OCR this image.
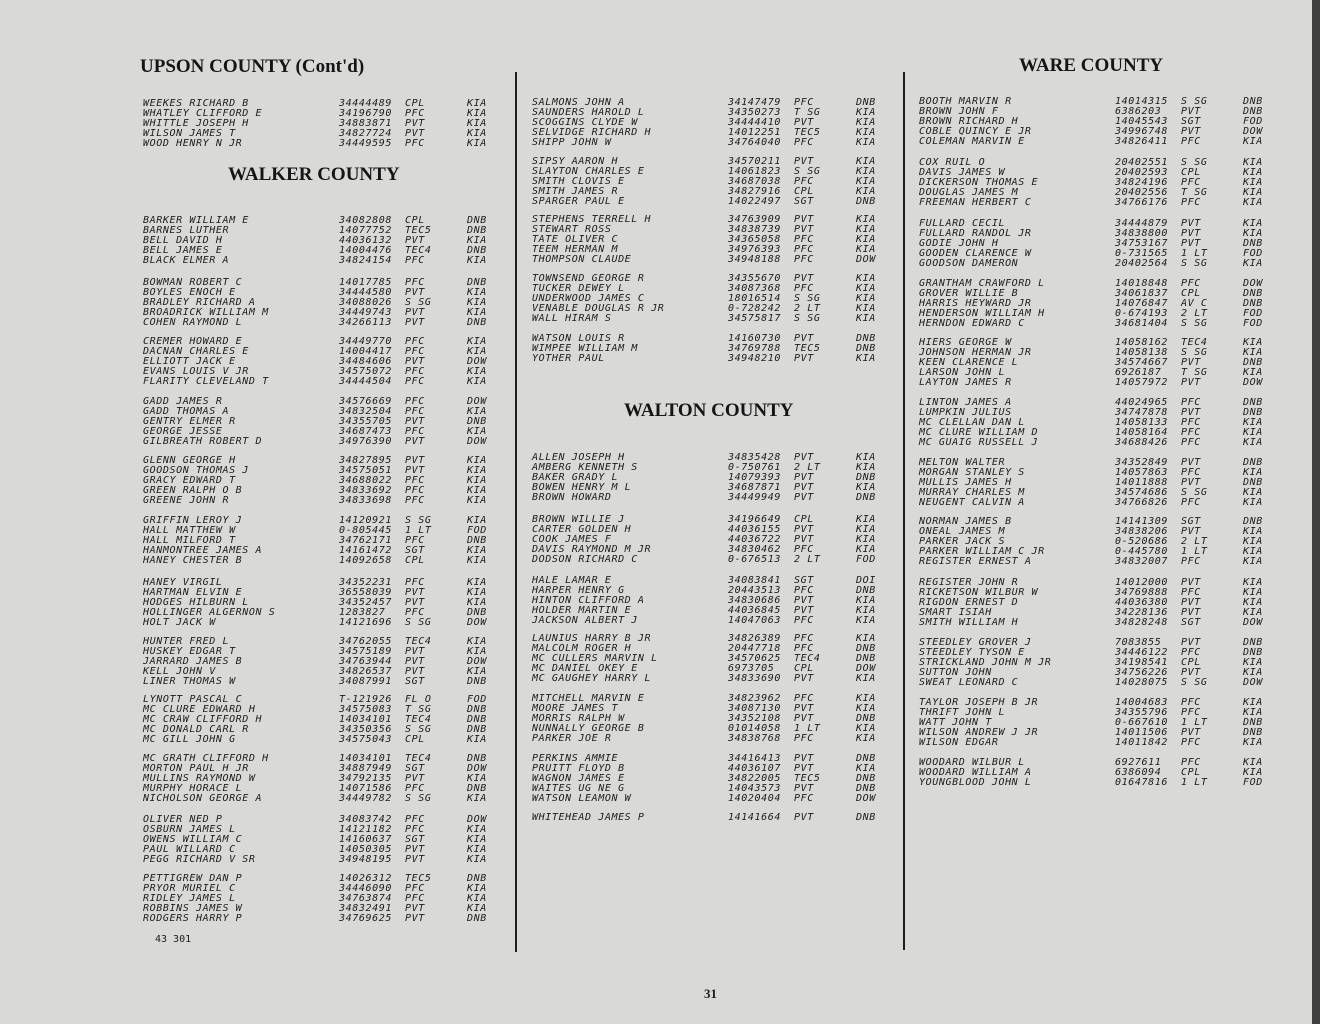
UPSON COUNTY (Cont'd)
WEEKES RICHARD B	34444489 CPL	KIA
WHATLEY CLIFFORD E	34196790 PFC	KIA
WHITTLE JOSEPH H	34883871 PVT	KIA
WILSON JAMES T	34827724 PVT	KIA
WOOD HENRY N JR	34449595 PFC	KIA
WALKER COUNTY
BARKER WILLIAM E	34082808 CPL	DNB
BARNES LUTHER	14077752 TEC5	DNB
BELL DAVID H	44036132 PVT	KIA
BELL JAMES E	14004476 TEC4	DNB
BLACK ELMER A	34824154 PFC	KIA
BOWMAN ROBERT C	14017785 PFC	DNB
BOYLES ENOCH E	34444580 PVT	KIA
BRADLEY RICHARD A	34088026 S SG	KIA
BROADRICK WILLIAM M	34449743 PVT	KIA
COHEN RAYMOND L	34266113 PVT	DNB
CREMER HOWARD E	34449770 PFC	KIA
DACNAN CHARLES E	14004417 PFC	KIA
ELLIOTT JACK E	34484606 PVT	DOW
EVANS LOUIS V JR	34575072 PFC	KIA
FLARITY CLEVELAND T	34444504 PFC	KIA
GADD JAMES R	34576669 PFC	DOW
GADD THOMAS A	34832504 PFC	KIA
GENTRY ELMER R	34355705 PVT	DNB
GEORGE JESSE	34687473 PFC	KIA
GILBREATH ROBERT D	34976390 PVT	DOW
GLENN GEORGE H	34827895 PVT	KIA
GOODSON THOMAS J	34575051 PVT	KIA
GRACY EDWARD T	34688022 PFC	KIA
GREEN RALPH O B	34833692 PFC	KIA
GREENE JOHN R	34833698 PFC	KIA
GRIFFIN LEROY J	14120921 S SG	KIA
HALL MATTHEW W	0-805445 1 LT	FOD
HALL MILFORD T	34762171 PFC	DNB
HANMONTREE JAMES A	14161472 SGT	KIA
HANEY CHESTER B	14092658 CPL	KIA
HANEY VIRGIL	34352231 PFC	KIA
HARTMAN ELVIN E	36558039 PVT	KIA
HODGES HILBURN L	34352457 PVT	KIA
HOLLINGER ALGERNON S	1283827 PFC	DNB
HOLT JACK W	14121696 S SG	DOW
HUNTER FRED L	34762055 TEC4	KIA
HUSKEY EDGAR T	34575189 PVT	KIA
JARRARD JAMES B	34763944 PVT	DOW
KELL JOHN V	34826537 PVT	KIA
LINER THOMAS W	34087991 SGT	DNB
LYNOTT PASCAL C	T-121926 FL O	FOD
MC CLURE EDWARD H	34575083 T SG	DNB
MC CRAW CLIFFORD H	14034101 TEC4	DNB
MC DONALD CARL R	34350356 S SG	DNB
MC GILL JOHN G	34575043 CPL	KIA
MC GRATH CLIFFORD H	14034101 TEC4	DNB
MORTON PAUL H JR	34887949 SGT	DOW
MULLINS RAYMOND W	34792135 PVT	KIA
MURPHY HORACE L	14071586 PFC	DNB
NICHOLSON GEORGE A	34449782 S SG	KIA
OLIVER NED P	34083742 PFC	DOW
OSBURN JAMES L	14121182 PFC	KIA
OWENS WILLIAM C	14160637 SGT	KIA
PAUL WILLARD C	14050305 PVT	KIA
PEGG RICHARD V SR	34948195 PVT	KIA
PETTIGREW DAN P	14026312 TEC5	DNB
PRYOR MURIEL C	34446090 PFC	KIA
RIDLEY JAMES L	34763874 PFC	KIA
ROBBINS JAMES W	34832491 PVT	KIA
RODGERS HARRY P	34769625 PVT	DNB
SALMONS JOHN A	34147479 PFC	DNB
SAUNDERS HAROLD L	34350273 T SG	KIA
SCOGGINS CLYDE W	34444410 PVT	KIA
SELVIDGE RICHARD H	14012251 TEC5	KIA
SHIPP JOHN W	34764040 PFC	KIA
SIPSY AARON H	34570211 PVT	KIA
SLAYTON CHARLES E	14061823 S SG	KIA
SMITH CLOVIS E	34687038 PFC	KIA
SMITH JAMES R	34827916 CPL	KIA
SPARGER PAUL E	14022497 SGT	DNB
STEPHENS TERRELL H	34763909 PVT	KIA
STEWART ROSS	34838739 PVT	KIA
TATE OLIVER C	34365058 PFC	KIA
TEEM HERMAN M	34976393 PFC	KIA
THOMPSON CLAUDE	34948188 PFC	DOW
TOWNSEND GEORGE R	34355670 PVT	KIA
TUCKER DEWEY L	34087368 PFC	KIA
UNDERWOOD JAMES C	18016514 S SG	KIA
VENABLE DOUGLAS R JR	0-728242 2 LT	KIA
WALL HIRAM S	34575817 S SG	KIA
WATSON LOUIS R	14160730 PVT	DNB
WIMPEE WILLIAM M	34769788 TEC5	DNB
YOTHER PAUL	34948210 PVT	KIA
WALTON COUNTY
ALLEN JOSEPH H	34835428 PVT	KIA
AMBERG KENNETH S	0-750761 2 LT	KIA
BAKER GRADY L	14079393 PVT	DNB
BOWEN HENRY M L	34687871 PVT	KIA
BROWN HOWARD	34449949 PVT	DNB
BROWN WILLIE J	34196649 CPL	KIA
CARTER GOLDEN H	44036155 PVT	KIA
COOK JAMES F	44036722 PVT	KIA
DAVIS RAYMOND M JR	34830462 PFC	KIA
DODSON RICHARD C	0-676513 2 LT	FOD
HALE LAMAR E	34083841 SGT	DOI
HARPER HENRY G	20443513 PFC	DNB
HINTON CLIFFORD A	34830686 PVT	KIA
HOLDER MARTIN E	44036845 PVT	KIA
JACKSON ALBERT J	14047063 PFC	KIA
LAUNIUS HARRY B JR	34826389 PFC	KIA
MALCOLM ROGER H	20447718 PFC	DNB
MC CULLERS MARVIN L	34570625 TEC4	DNB
MC DANIEL OKEY E	6973705 CPL	DOW
MC GAUGHEY HARRY L	34833690 PVT	KIA
MITCHELL MARVIN E	34823962 PFC	KIA
MOORE JAMES T	34087130 PVT	KIA
MORRIS RALPH W	34352108 PVT	DNB
NUNNALLY GEORGE B	01014058 1 LT	KIA
PARKER JOE R	34838768 PFC	KIA
PERKINS AMMIE	34416413 PVT	DNB
PRUITT FLOYD B	44036107 PVT	KIA
WAGNON JAMES E	34822005 TEC5	DNB
WAITES UG NE G	14043573 PVT	DNB
WATSON LEAMON W	14020404 PFC	DOW
WHITEHEAD JAMES P	14141664 PVT	DNB
WARE COUNTY
BOOTH MARVIN R	14014315 S SG	DNB
BROWN JOHN F	6386203 PVT	DNB
BROWN RICHARD H	14045543 SGT	FOD
COBLE QUINCY E JR	34996748 PVT	DOW
COLEMAN MARVIN E	34826411 PFC	KIA
COX RUIL O	20402551 S SG	KIA
DAVIS JAMES W	20402593 CPL	KIA
DICKERSON THOMAS E	34824196 PFC	KIA
DOUGLAS JAMES M	20402556 T SG	KIA
FREEMAN HERBERT C	34766176 PFC	KIA
FULLARD CECIL	34444879 PVT	KIA
FULLARD RANDOL JR	34838800 PVT	KIA
GODIE JOHN H	34753167 PVT	DNB
GOODEN CLARENCE W	0-731565 1 LT	FOD
GOODSON DAMERON	20402564 S SG	KIA
GRANTHAM CRAWFORD L	14018848 PFC	DOW
GROVER WILLIE B	34061837 CPL	DNB
HARRIS HEYWARD JR	14076847 AV C	DNB
HENDERSON WILLIAM H	0-674193 2 LT	FOD
HERNDON EDWARD C	34681404 S SG	FOD
HIERS GEORGE W	14058162 TEC4	KIA
JOHNSON HERMAN JR	14058138 S SG	KIA
KEEN CLARENCE L	34574667 PVT	DNB
LARSON JOHN L	6926187 T SG	KIA
LAYTON JAMES R	14057972 PVT	DOW
LINTON JAMES A	44024965 PFC	DNB
LUMPKIN JULIUS	34747878 PVT	DNB
MC CLELLAN DAN L	14058133 PFC	KIA
MC CLURE WILLIAM D	14058164 PFC	KIA
MC GUAIG RUSSELL J	34688426 PFC	KIA
MELTON WALTER	34352849 PVT	DNB
MORGAN STANLEY S	14057863 PFC	KIA
MULLIS JAMES H	14011888 PVT	DNB
MURRAY CHARLES M	34574686 S SG	KIA
NEUGENT CALVIN A	34766826 PFC	KIA
NORMAN JAMES B	14141309 SGT	DNB
ONEAL JAMES M	34838206 PVT	KIA
PARKER JACK S	0-520686 2 LT	KIA
PARKER WILLIAM C JR	0-445780 1 LT	KIA
REGISTER ERNEST A	34832007 PFC	KIA
REGISTER JOHN R	14012000 PVT	KIA
RICKETSON WILBUR W	34769888 PFC	KIA
RIGDON ERNEST D	44036380 PVT	KIA
SMART ISIAH	34228136 PVT	KIA
SMITH WILLIAM H	34828248 SGT	DOW
STEEDLEY GROVER J	7083855 PVT	DNB
STEEDLEY TYSON E	34446122 PFC	DNB
STRICKLAND JOHN M JR	34198541 CPL	KIA
SUTTON JOHN	34756226 PVT	KIA
SWEAT LEONARD C	14028075 S SG	DOW
TAYLOR JOSEPH B JR	14004683 PFC	KIA
THRIFT JOHN L	34355796 PFC	KIA
WATT JOHN T	0-667610 1 LT	DNB
WILSON ANDREW J JR	14011506 PVT	DNB
WILSON EDGAR	14011842 PFC	KIA
WOODARD WILBUR L	6927611 PFC	KIA
WOODARD WILLIAM A	6386094 CPL	KIA
YOUNGBLOOD JOHN L	01647816 1 LT	FOD
43 301
31
